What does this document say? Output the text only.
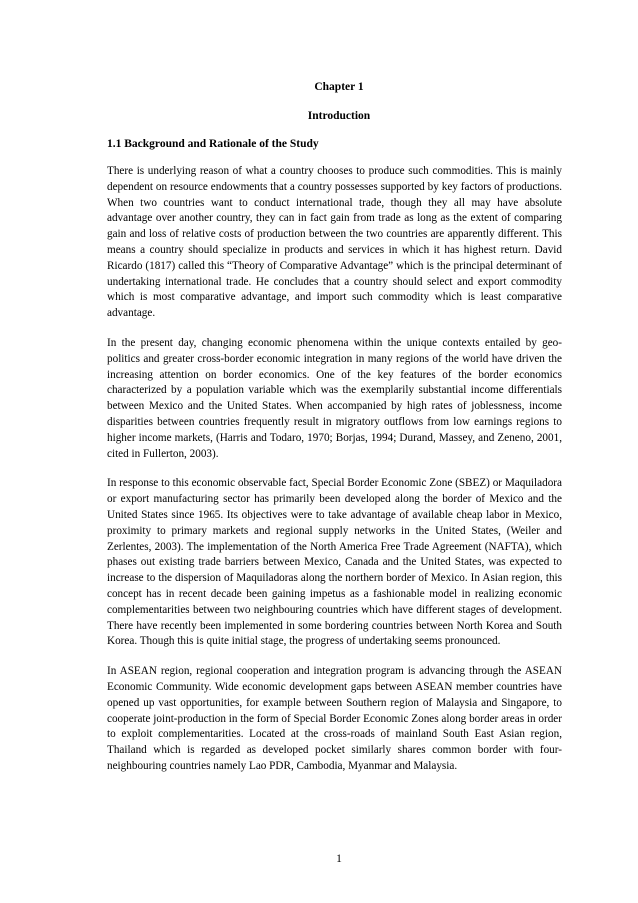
Chapter 1
Introduction
1.1 Background and Rationale of the Study

There is underlying reason of what a country chooses to produce such commodities. This is mainly dependent on resource endowments that a country possesses supported by key factors of productions. When two countries want to conduct international trade, though they all may have absolute advantage over another country, they can in fact gain from trade as long as the extent of comparing gain and loss of relative costs of production between the two countries are apparently different. This means a country should specialize in products and services in which it has highest return. David Ricardo (1817) called this “Theory of Comparative Advantage” which is the principal determinant of undertaking international trade. He concludes that a country should select and export commodity which is most comparative advantage, and import such commodity which is least comparative advantage.

In the present day, changing economic phenomena within the unique contexts entailed by geo-politics and greater cross-border economic integration in many regions of the world have driven the increasing attention on border economics. One of the key features of the border economics characterized by a population variable which was the exemplarily substantial income differentials between Mexico and the United States. When accompanied by high rates of joblessness, income disparities between countries frequently result in migratory outflows from low earnings regions to higher income markets, (Harris and Todaro, 1970; Borjas, 1994; Durand, Massey, and Zeneno, 2001, cited in Fullerton, 2003).

In response to this economic observable fact, Special Border Economic Zone (SBEZ) or Maquiladora or export manufacturing sector has primarily been developed along the border of Mexico and the United States since 1965. Its objectives were to take advantage of available cheap labor in Mexico, proximity to primary markets and regional supply networks in the United States, (Weiler and Zerlentes, 2003). The implementation of the North America Free Trade Agreement (NAFTA), which phases out existing trade barriers between Mexico, Canada and the United States, was expected to increase to the dispersion of Maquiladoras along the northern border of Mexico. In Asian region, this concept has in recent decade been gaining impetus as a fashionable model in realizing economic complementarities between two neighbouring countries which have different stages of development. There have recently been implemented in some bordering countries between North Korea and South Korea. Though this is quite initial stage, the progress of undertaking seems pronounced.

In ASEAN region, regional cooperation and integration program is advancing through the ASEAN Economic Community. Wide economic development gaps between ASEAN member countries have opened up vast opportunities, for example between Southern region of Malaysia and Singapore, to cooperate joint-production in the form of Special Border Economic Zones along border areas in order to exploit complementarities. Located at the cross-roads of mainland South East Asian region, Thailand which is regarded as developed pocket similarly shares common border with four-neighbouring countries namely Lao PDR, Cambodia, Myanmar and Malaysia.

1
